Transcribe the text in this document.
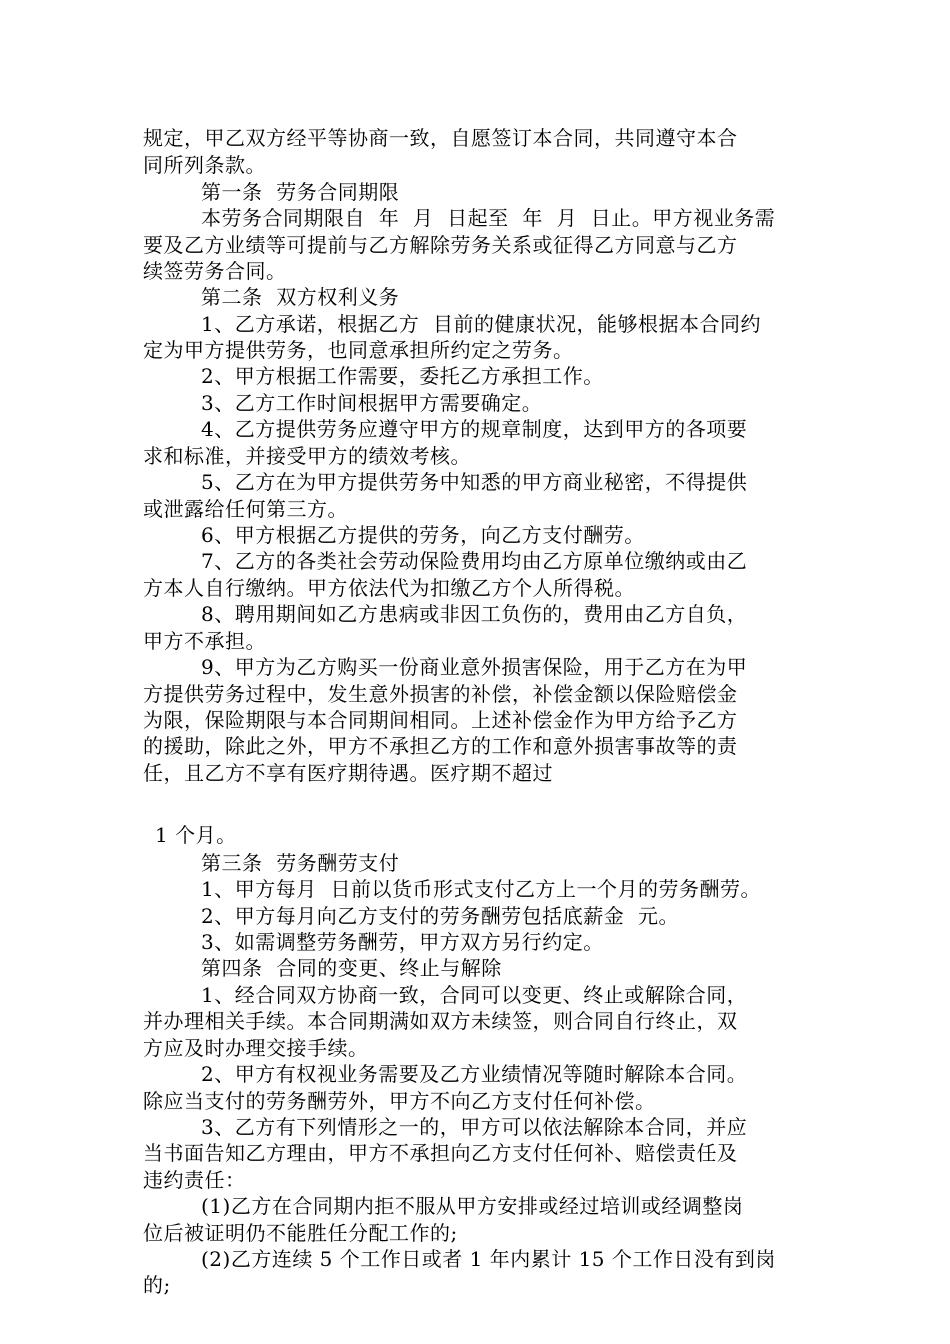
规定，甲乙双方经平等协商一致，自愿签订本合同，共同遵守本合
同所列条款。
第一条  劳务合同期限
本劳务合同期限自  年  月  日起至  年  月  日止。甲方视业务需
要及乙方业绩等可提前与乙方解除劳务关系或征得乙方同意与乙方
续签劳务合同。
第二条  双方权利义务
1、乙方承诺，根据乙方  目前的健康状况，能够根据本合同约
定为甲方提供劳务，也同意承担所约定之劳务。
2、甲方根据工作需要，委托乙方承担工作。
3、乙方工作时间根据甲方需要确定。
4、乙方提供劳务应遵守甲方的规章制度，达到甲方的各项要
求和标准，并接受甲方的绩效考核。
5、乙方在为甲方提供劳务中知悉的甲方商业秘密，不得提供
或泄露给任何第三方。
6、甲方根据乙方提供的劳务，向乙方支付酬劳。
7、乙方的各类社会劳动保险费用均由乙方原单位缴纳或由乙
方本人自行缴纳。甲方依法代为扣缴乙方个人所得税。
8、聘用期间如乙方患病或非因工负伤的，费用由乙方自负，
甲方不承担。
9、甲方为乙方购买一份商业意外损害保险，用于乙方在为甲
方提供劳务过程中，发生意外损害的补偿，补偿金额以保险赔偿金
为限，保险期限与本合同期间相同。上述补偿金作为甲方给予乙方
的援助，除此之外，甲方不承担乙方的工作和意外损害事故等的责
任，且乙方不享有医疗期待遇。医疗期不超过
1 个月。
第三条  劳务酬劳支付
1、甲方每月  日前以货币形式支付乙方上一个月的劳务酬劳。
2、甲方每月向乙方支付的劳务酬劳包括底薪金  元。
3、如需调整劳务酬劳，甲方双方另行约定。
第四条  合同的变更、终止与解除
1、经合同双方协商一致，合同可以变更、终止或解除合同，
并办理相关手续。本合同期满如双方未续签，则合同自行终止，双
方应及时办理交接手续。
2、甲方有权视业务需要及乙方业绩情况等随时解除本合同。
除应当支付的劳务酬劳外，甲方不向乙方支付任何补偿。
3、乙方有下列情形之一的，甲方可以依法解除本合同，并应
当书面告知乙方理由，甲方不承担向乙方支付任何补、赔偿责任及
违约责任：
(1)乙方在合同期内拒不服从甲方安排或经过培训或经调整岗
位后被证明仍不能胜任分配工作的;
(2)乙方连续 5 个工作日或者 1 年内累计 15 个工作日没有到岗
的;
